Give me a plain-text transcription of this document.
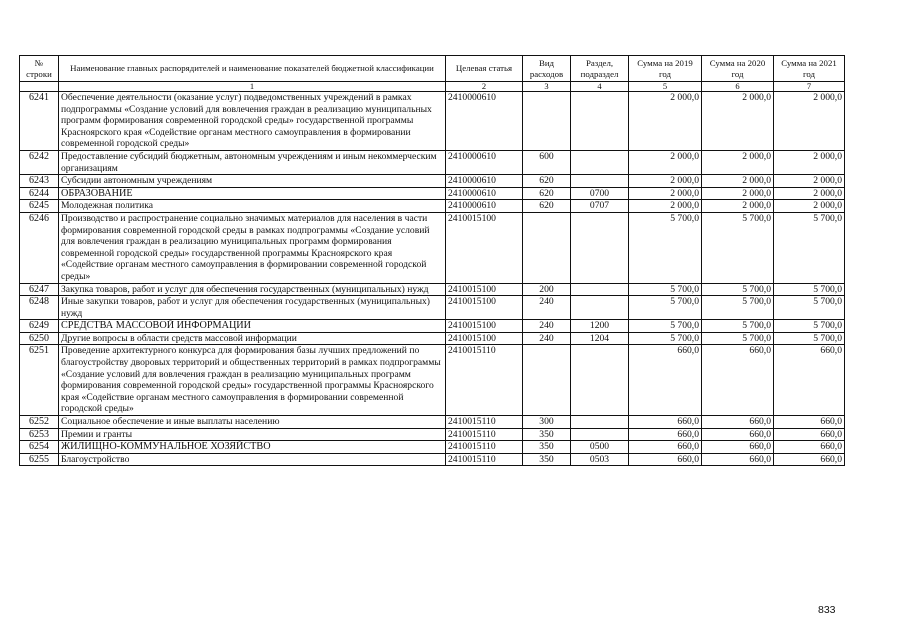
№ строки	Наименование главных распорядителей и наименование показателей бюджетной классификации	Целевая статья	Вид расходов	Раздел, подраздел	Сумма на 2019 год	Сумма на 2020 год	Сумма на 2021 год
	1	2	3	4	5	6	7
6241	Обеспечение деятельности (оказание услуг) подведомственных учреждений в рамках подпрограммы «Создание условий для вовлечения граждан в реализацию муниципальных программ формирования современной городской среды» государственной программы Красноярского края «Содействие органам местного самоуправления в формировании современной городской среды»	2410000610			2 000,0	2 000,0	2 000,0
6242	Предоставление субсидий бюджетным, автономным учреждениям и иным некоммерческим организациям	2410000610	600		2 000,0	2 000,0	2 000,0
6243	Субсидии автономным учреждениям	2410000610	620		2 000,0	2 000,0	2 000,0
6244	ОБРАЗОВАНИЕ	2410000610	620	0700	2 000,0	2 000,0	2 000,0
6245	Молодежная политика	2410000610	620	0707	2 000,0	2 000,0	2 000,0
6246	Производство и распространение социально значимых материалов для населения в части формирования современной городской среды в рамках подпрограммы «Создание условий для вовлечения граждан в реализацию муниципальных программ формирования современной городской среды» государственной программы Красноярского края «Содействие органам местного самоуправления в формировании современной городской среды»	2410015100			5 700,0	5 700,0	5 700,0
6247	Закупка товаров, работ и услуг для обеспечения государственных (муниципальных) нужд	2410015100	200		5 700,0	5 700,0	5 700,0
6248	Иные закупки товаров, работ и услуг для обеспечения государственных (муниципальных) нужд	2410015100	240		5 700,0	5 700,0	5 700,0
6249	СРЕДСТВА МАССОВОЙ ИНФОРМАЦИИ	2410015100	240	1200	5 700,0	5 700,0	5 700,0
6250	Другие вопросы в области средств массовой информации	2410015100	240	1204	5 700,0	5 700,0	5 700,0
6251	Проведение архитектурного конкурса для формирования базы лучших предложений по благоустройству дворовых территорий и общественных территорий в рамках подпрограммы «Создание условий для вовлечения граждан в реализацию муниципальных программ формирования современной городской среды» государственной программы Красноярского края «Содействие органам местного самоуправления в формировании современной городской среды»	2410015110			660,0	660,0	660,0
6252	Социальное обеспечение и иные выплаты населению	2410015110	300		660,0	660,0	660,0
6253	Премии и гранты	2410015110	350		660,0	660,0	660,0
6254	ЖИЛИЩНО-КОММУНАЛЬНОЕ ХОЗЯЙСТВО	2410015110	350	0500	660,0	660,0	660,0
6255	Благоустройство	2410015110	350	0503	660,0	660,0	660,0
833
